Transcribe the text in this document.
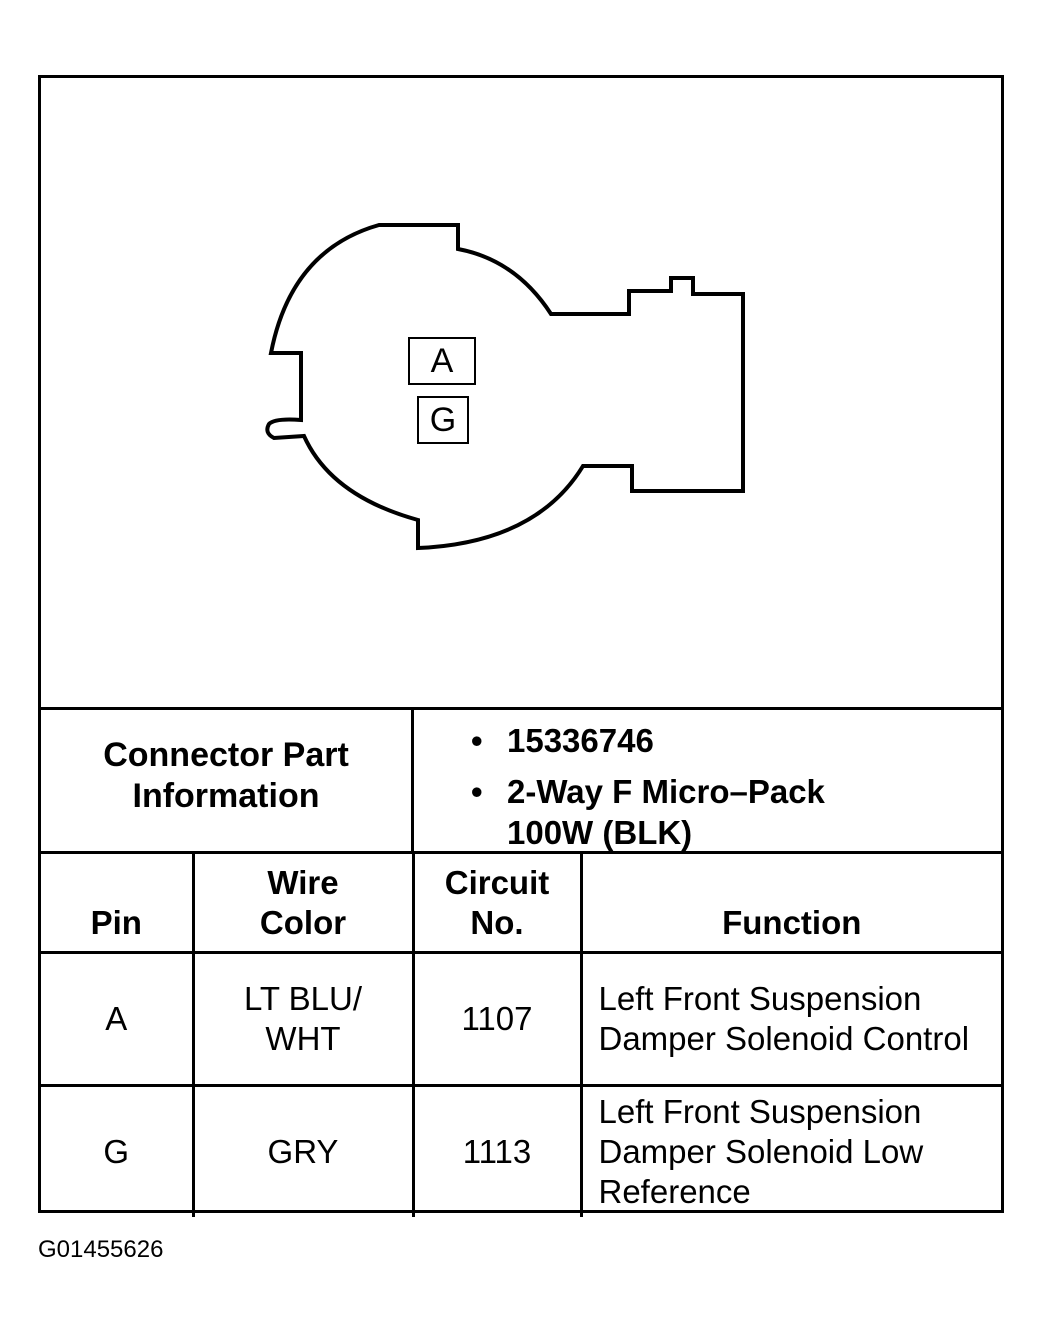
A
G
Connector Part Information
• 15336746
• 2-Way F Micro–Pack 100W (BLK)
Pin	Wire Color	Circuit No.	Function
A	LT BLU/ WHT	1107	Left Front Suspension Damper Solenoid Control
G	GRY	1113	Left Front Suspension Damper Solenoid Low Reference
G01455626
